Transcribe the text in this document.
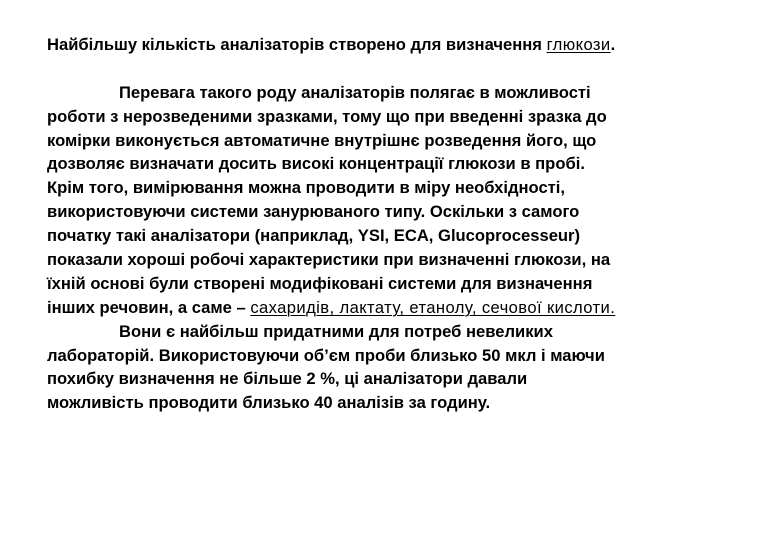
Найбільшу кількість аналізаторів створено для визначення глюкози.
Перевага такого роду аналізаторів полягає в можливості
роботи з нерозведеними зразками, тому що при введенні зразка до
комірки виконується автоматичне внутрішнє розведення його, що
дозволяє визначати досить високі концентрації глюкози в пробі.
Крім того, вимірювання можна проводити в міру необхідності,
використовуючи системи занурюваного типу. Оскільки з самого
початку такі аналізатори (наприклад, YSI, ECA, Glucoprocesseur)
показали хороші робочі характеристики при визначенні глюкози, на
їхній основі були створені модифіковані системи для визначення
інших речовин, а саме – сахаридів, лактату, етанолу, сечової кислоти.
Вони є найбільш придатними для потреб невеликих
лабораторій. Використовуючи об’єм проби близько 50 мкл і маючи
похибку визначення не більше 2 %, ці аналізатори давали
можливість проводити близько 40 аналізів за годину.
